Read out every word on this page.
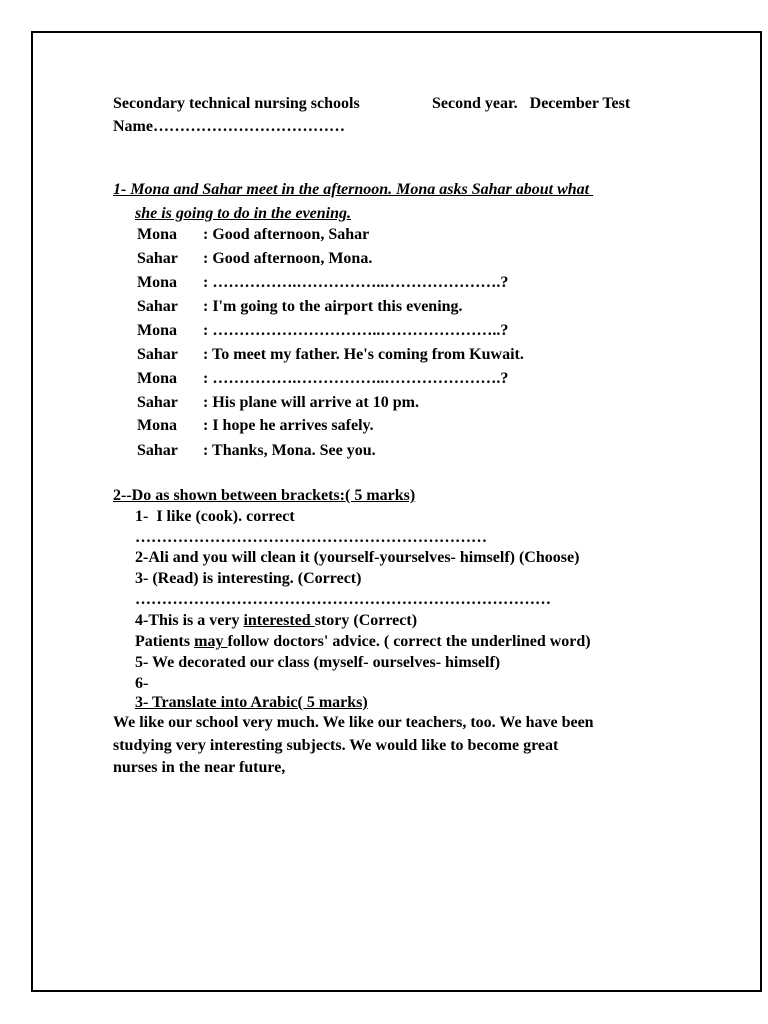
Secondary technical nursing schools	Second year.   December Test
Name………………………………
1- Mona and Sahar meet in the afternoon. Mona asks Sahar about what
she is going to do in the evening.
Mona : Good afternoon, Sahar
Sahar : Good afternoon, Mona.
Mona : …………….……………..………………….?
Sahar : I'm going to the airport this evening.
Mona : …………………………..…………………..?
Sahar : To meet my father. He's coming from Kuwait.
Mona : …………….……………..………………….?
Sahar : His plane will arrive at 10 pm.
Mona : I hope he arrives safely.
Sahar : Thanks, Mona. See you.
2--Do as shown between brackets:( 5 marks)
1-  I like (cook). correct
…………………………………………………………
2-Ali and you will clean it (yourself-yourselves- himself) (Choose)
3- (Read) is interesting. (Correct)
……………………………………………………………………
4-This is a very interested story (Correct)
Patients may follow doctors' advice. ( correct the underlined word)
5- We decorated our class (myself- ourselves- himself)
6-
3- Translate into Arabic( 5 marks)
We like our school very much. We like our teachers, too. We have been
studying very interesting subjects. We would like to become great
nurses in the near future,
